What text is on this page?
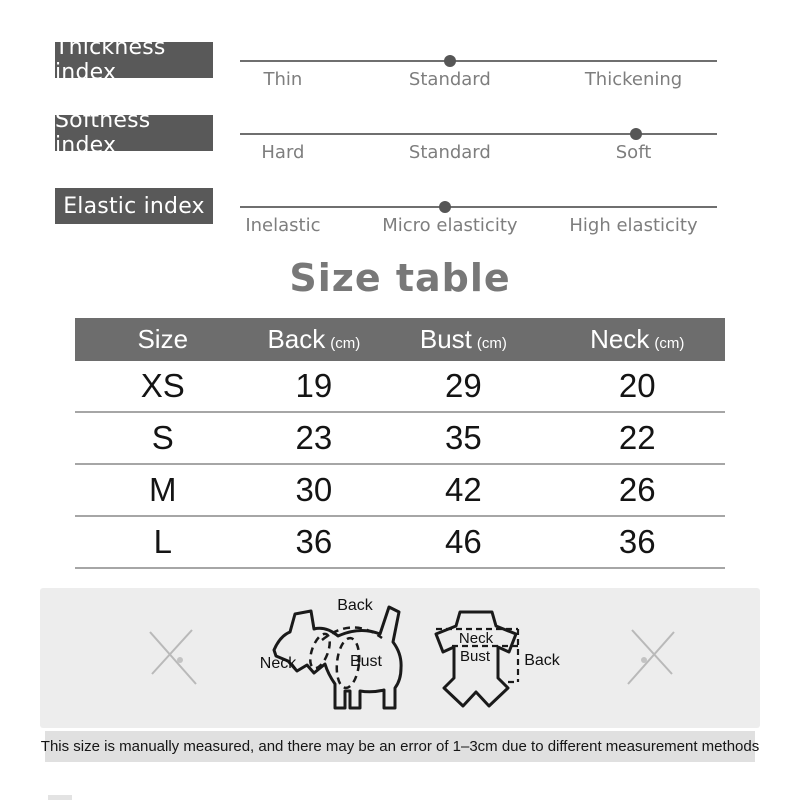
Thickness index	Thin	Standard	Thickening
Softness index	Hard	Standard	Soft
Elastic index
Inelastic	Micro elasticity	High elasticity
Size table
Size	Back (cm)	Bust (cm)	Neck (cm)
XS	19	29	20
S	23	35	22
M	30	42	26
L	36	46	36
Back
Neck	Bust
Neck
Bust Back
This size is manually measured, and there may be an error of 1–3cm due to different measurement methods
